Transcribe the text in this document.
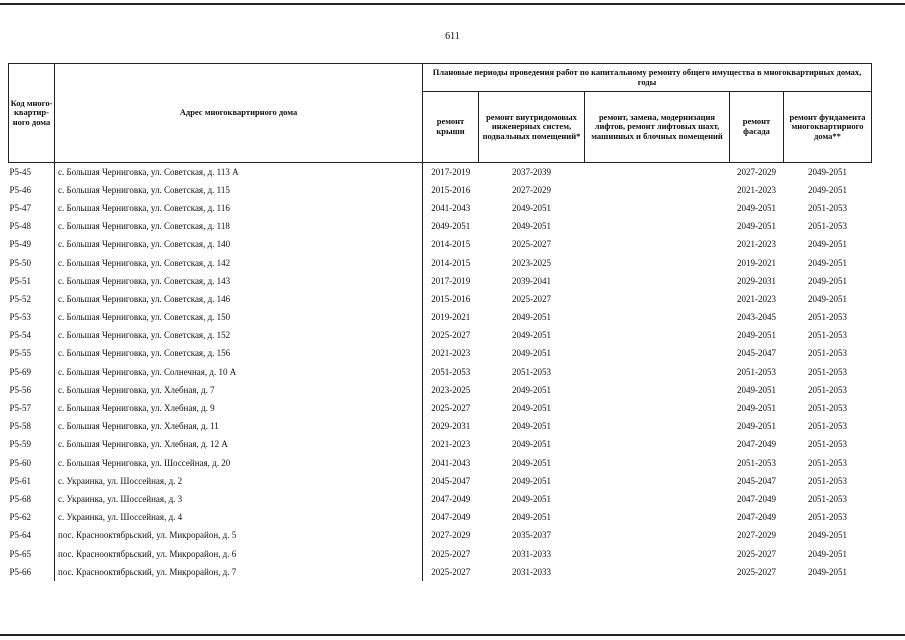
611
Код много-квартир-ного дома	Адрес многоквартирного дома	Плановые периоды проведения работ по капитальному ремонту общего имущества в многоквартирных домах, годы				
		ремонт крыши	ремонт внутридомовых инженерных систем, подвальных помещений*	ремонт, замена, модернизация лифтов, ремонт лифтовых шахт, машинных и блочных помещений	ремонт фасада	ремонт фундамента многоквартирного дома**
P5-45	с. Большая Черниговка, ул. Советская, д. 113 А	2017-2019	2037-2039		2027-2029	2049-2051
P5-46	с. Большая Черниговка, ул. Советская, д. 115	2015-2016	2027-2029		2021-2023	2049-2051
P5-47	с. Большая Черниговка, ул. Советская, д. 116	2041-2043	2049-2051		2049-2051	2051-2053
P5-48	с. Большая Черниговка, ул. Советская, д. 118	2049-2051	2049-2051		2049-2051	2051-2053
P5-49	с. Большая Черниговка, ул. Советская, д. 140	2014-2015	2025-2027		2021-2023	2049-2051
P5-50	с. Большая Черниговка, ул. Советская, д. 142	2014-2015	2023-2025		2019-2021	2049-2051
P5-51	с. Большая Черниговка, ул. Советская, д. 143	2017-2019	2039-2041		2029-2031	2049-2051
P5-52	с. Большая Черниговка, ул. Советская, д. 146	2015-2016	2025-2027		2021-2023	2049-2051
P5-53	с. Большая Черниговка, ул. Советская, д. 150	2019-2021	2049-2051		2043-2045	2051-2053
P5-54	с. Большая Черниговка, ул. Советская, д. 152	2025-2027	2049-2051		2049-2051	2051-2053
P5-55	с. Большая Черниговка, ул. Советская, д. 156	2021-2023	2049-2051		2045-2047	2051-2053
P5-69	с. Большая Черниговка, ул. Солнечная, д. 10 А	2051-2053	2051-2053		2051-2053	2051-2053
P5-56	с. Большая Черниговка, ул. Хлебная, д. 7	2023-2025	2049-2051		2049-2051	2051-2053
P5-57	с. Большая Черниговка, ул. Хлебная, д. 9	2025-2027	2049-2051		2049-2051	2051-2053
P5-58	с. Большая Черниговка, ул. Хлебная, д. 11	2029-2031	2049-2051		2049-2051	2051-2053
P5-59	с. Большая Черниговка, ул. Хлебная, д. 12 А	2021-2023	2049-2051		2047-2049	2051-2053
P5-60	с. Большая Черниговка, ул. Шоссейная, д. 20	2041-2043	2049-2051		2051-2053	2051-2053
P5-61	с. Украинка, ул. Шоссейная, д. 2	2045-2047	2049-2051		2045-2047	2051-2053
P5-68	с. Украинка, ул. Шоссейная, д. 3	2047-2049	2049-2051		2047-2049	2051-2053
P5-62	с. Украинка, ул. Шоссейная, д. 4	2047-2049	2049-2051		2047-2049	2051-2053
P5-64	пос. Краснооктябрьский, ул. Микрорайон, д. 5	2027-2029	2035-2037		2027-2029	2049-2051
P5-65	пос. Краснооктябрьский, ул. Микрорайон, д. 6	2025-2027	2031-2033		2025-2027	2049-2051
P5-66	пос. Краснооктябрьский, ул. Микрорайон, д. 7	2025-2027	2031-2033		2025-2027	2049-2051
